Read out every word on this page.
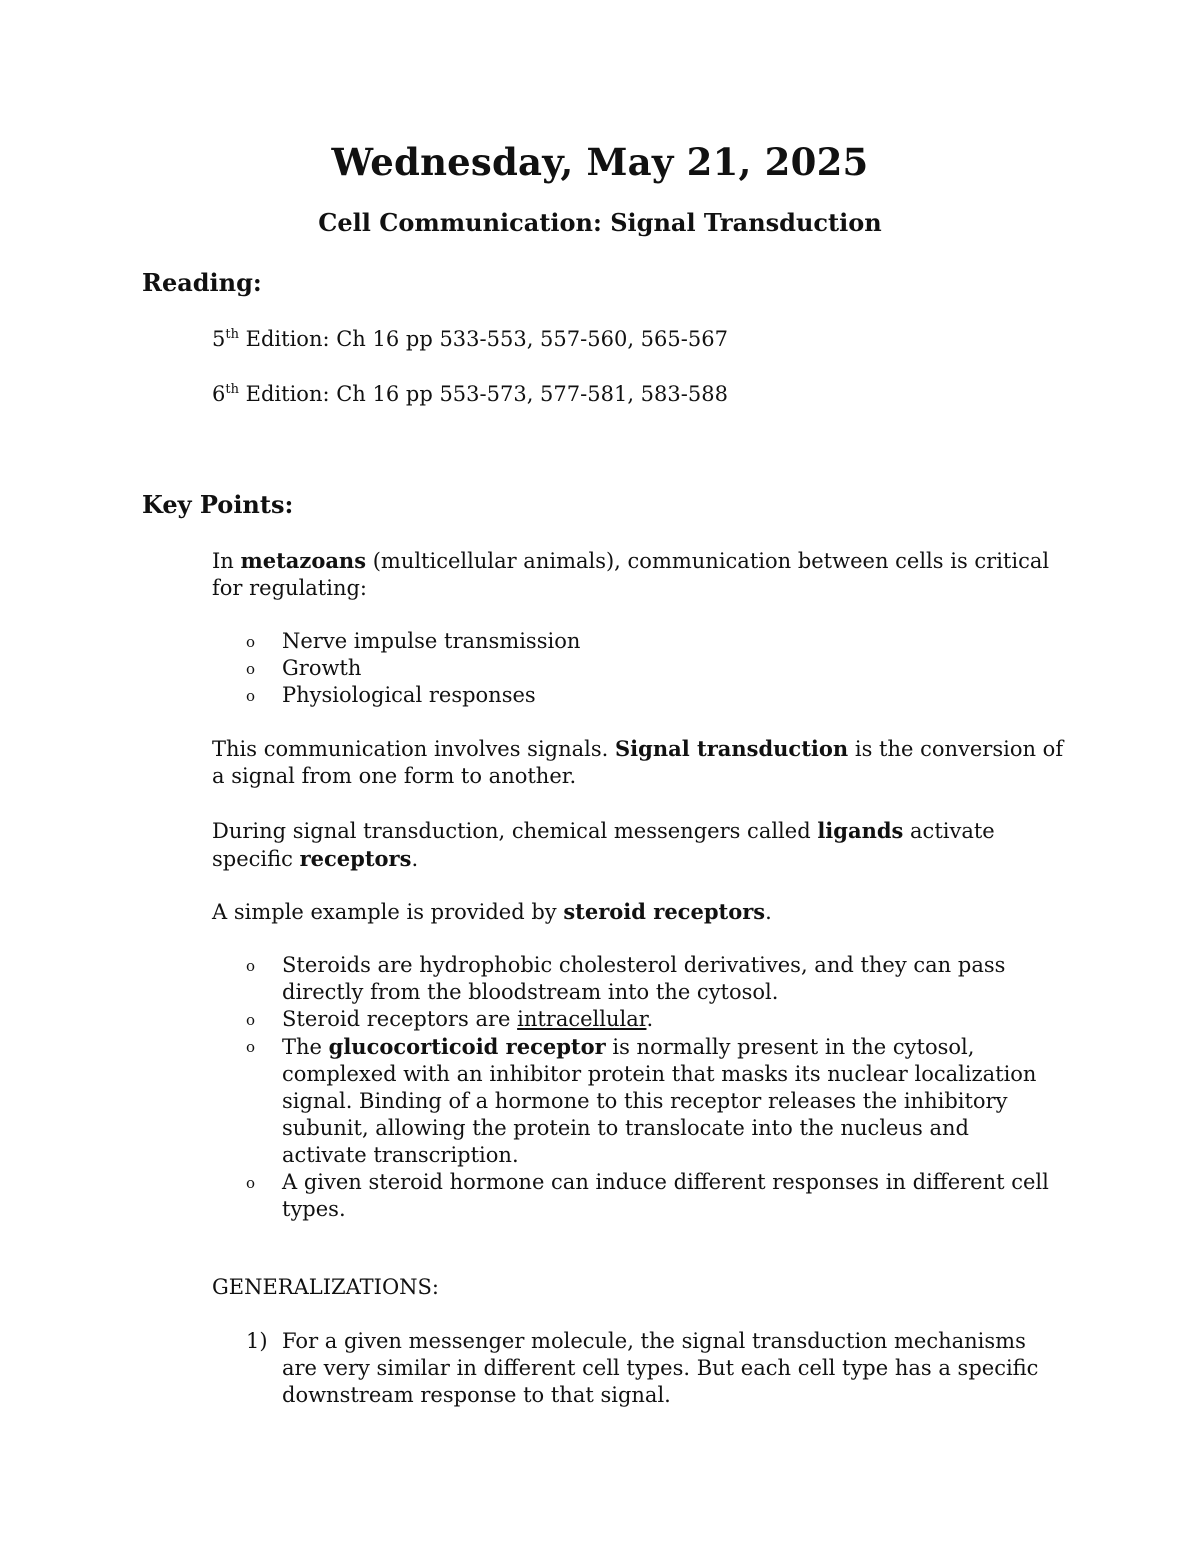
Wednesday, May 21, 2025
Cell Communication: Signal Transduction
Reading:

5th Edition: Ch 16 pp 533-553, 557-560, 565-567

6th Edition: Ch 16 pp 553-573, 577-581, 583-588

Key Points:

In metazoans (multicellular animals), communication between cells is critical for regulating:

o Nerve impulse transmission
o Growth
o Physiological responses

This communication involves signals. Signal transduction is the conversion of a signal from one form to another.

During signal transduction, chemical messengers called ligands activate specific receptors.

A simple example is provided by steroid receptors.

o Steroids are hydrophobic cholesterol derivatives, and they can pass directly from the bloodstream into the cytosol.
o Steroid receptors are intracellular.
o The glucocorticoid receptor is normally present in the cytosol, complexed with an inhibitor protein that masks its nuclear localization signal. Binding of a hormone to this receptor releases the inhibitory subunit, allowing the protein to translocate into the nucleus and activate transcription.
o A given steroid hormone can induce different responses in different cell types.

GENERALIZATIONS:

1) For a given messenger molecule, the signal transduction mechanisms are very similar in different cell types. But each cell type has a specific downstream response to that signal.
